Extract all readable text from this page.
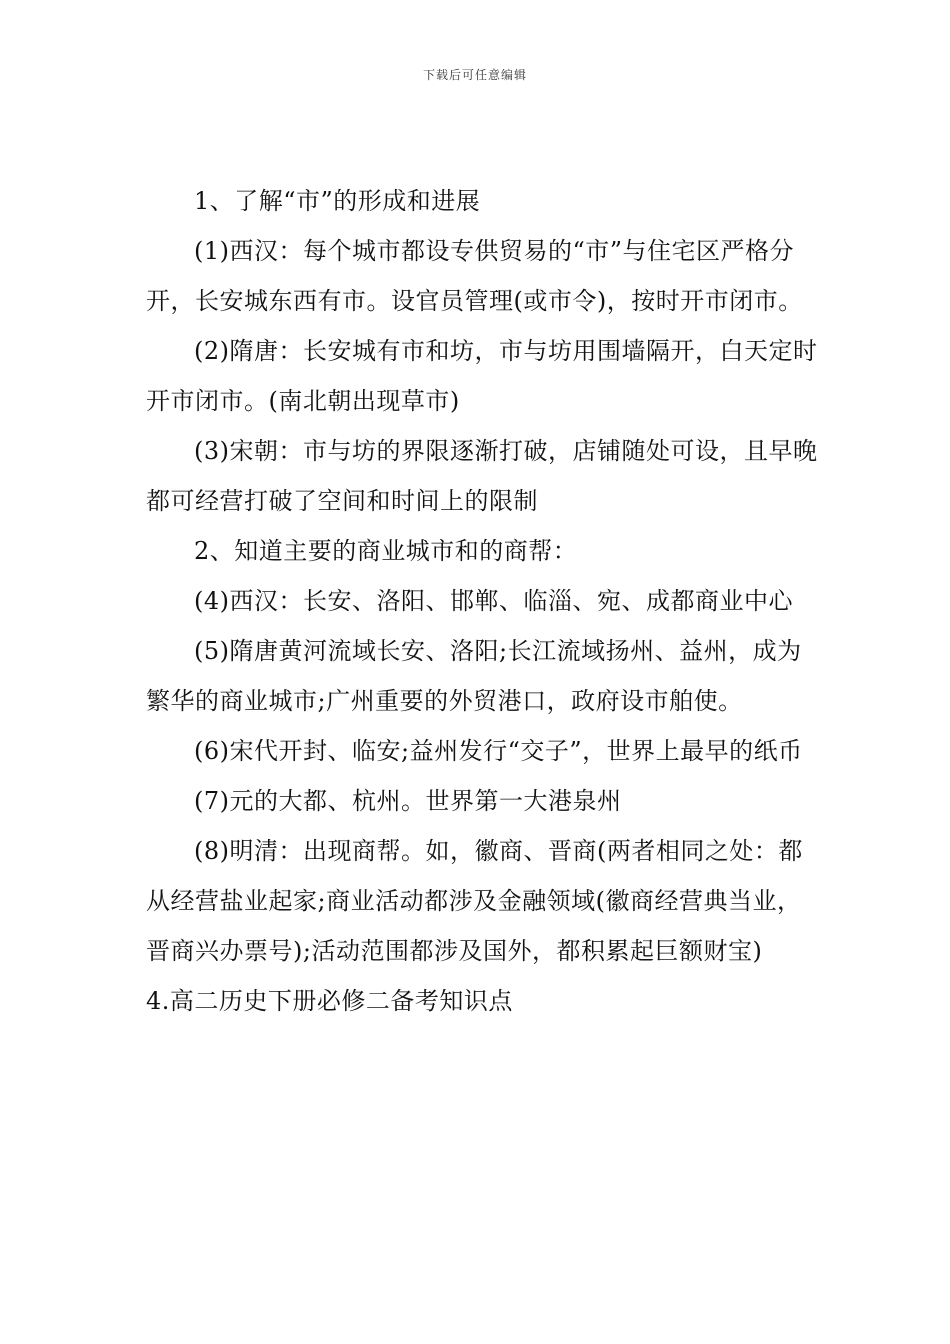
下载后可任意编辑

1、了解“市”的形成和进展

(1)西汉：每个城市都设专供贸易的“市”与住宅区严格分开，长安城东西有市。设官员管理(或市令)，按时开市闭市。

(2)隋唐：长安城有市和坊，市与坊用围墙隔开，白天定时开市闭市。(南北朝出现草市)

(3)宋朝：市与坊的界限逐渐打破，店铺随处可设，且早晚都可经营打破了空间和时间上的限制

2、知道主要的商业城市和的商帮：

(4)西汉：长安、洛阳、邯郸、临淄、宛、成都商业中心

(5)隋唐黄河流域长安、洛阳;长江流域扬州、益州，成为繁华的商业城市;广州重要的外贸港口，政府设市舶使。

(6)宋代开封、临安;益州发行“交子”，世界上最早的纸币

(7)元的大都、杭州。世界第一大港泉州

(8)明清：出现商帮。如，徽商、晋商(两者相同之处：都从经营盐业起家;商业活动都涉及金融领域(徽商经营典当业，晋商兴办票号);活动范围都涉及国外，都积累起巨额财宝)

4.高二历史下册必修二备考知识点
